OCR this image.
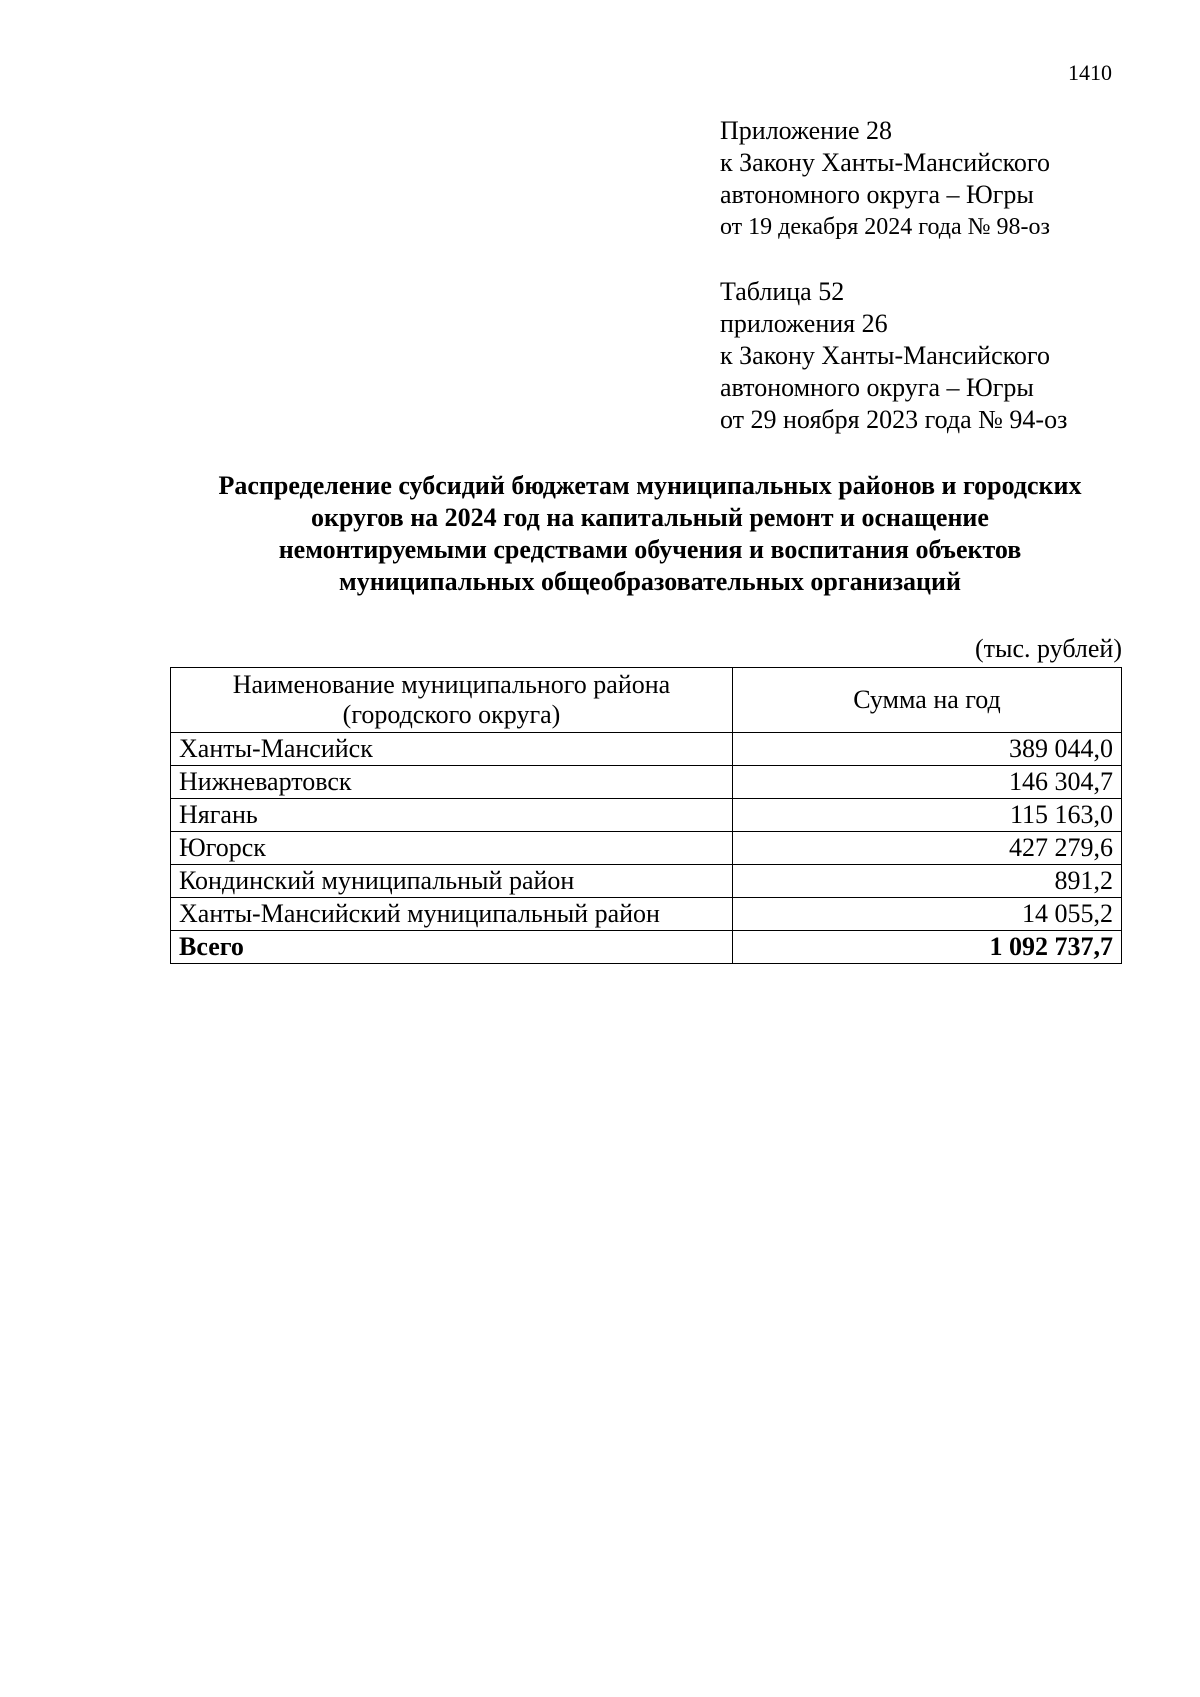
1410
Приложение 28
к Закону Ханты-Мансийского
автономного округа – Югры
от 19 декабря 2024 года № 98-оз
Таблица 52
приложения 26
к Закону Ханты-Мансийского
автономного округа – Югры
от 29 ноября 2023 года № 94-оз
Распределение субсидий бюджетам муниципальных районов и городских
округов на 2024 год на капитальный ремонт и оснащение
немонтируемыми средствами обучения и воспитания объектов
муниципальных общеобразовательных организаций
(тыс. рублей)
Наименование муниципального района
(городского округа)	Сумма на год
Ханты-Мансийск	389 044,0
Нижневартовск	146 304,7
Нягань	115 163,0
Югорск	427 279,6
Кондинский муниципальный район	891,2
Ханты-Мансийский муниципальный район	14 055,2
Всего	1 092 737,7
